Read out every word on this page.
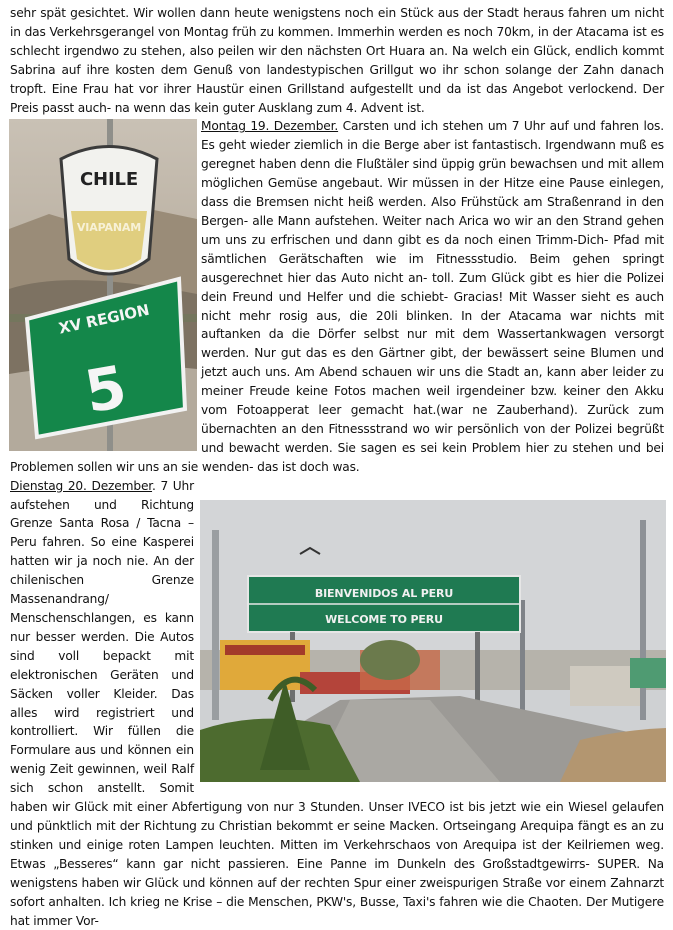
sehr spät gesichtet. Wir wollen dann heute wenigstens noch ein Stück aus der Stadt heraus fahren um nicht in das Verkehrsgerangel von Montag früh zu kommen. Immerhin werden es noch 70km, in der Atacama ist es schlecht irgendwo zu stehen, also peilen wir den nächsten Ort Huara an. Na welch ein Glück, endlich kommt Sabrina auf ihre kosten dem Genuß von landestypischen Grillgut wo ihr schon solange der Zahn danach tropft. Eine Frau hat vor ihrer Haustür einen Grillstand aufgestellt und da ist das Angebot verlockend. Der Preis passt auch- na wenn das kein guter Ausklang zum 4. Advent ist.

CHILE
VIAPANAM
XV REGION
5

Montag 19. Dezember. Carsten und ich stehen um 7 Uhr auf und fahren los. Es geht wieder ziemlich in die Berge aber ist fantastisch. Irgendwann muß es geregnet haben denn die Flußtäler sind üppig grün bewachsen und mit allem möglichen Gemüse angebaut. Wir müssen in der Hitze eine Pause einlegen, dass die Bremsen nicht heiß werden. Also Frühstück am Straßenrand in den Bergen- alle Mann aufstehen. Weiter nach Arica wo wir an den Strand gehen um uns zu erfrischen und dann gibt es da noch einen Trimm-Dich- Pfad mit sämtlichen Gerätschaften wie im Fitnessstudio. Beim gehen springt ausgerechnet hier das Auto nicht an- toll. Zum Glück gibt es hier die Polizei dein Freund und Helfer und die schiebt- Gracias! Mit Wasser sieht es auch nicht mehr rosig aus, die 20li blinken. In der Atacama war nichts mit auftanken da die Dörfer selbst nur mit dem Wassertankwagen versorgt werden. Nur gut das es den Gärtner gibt, der bewässert seine Blumen und jetzt auch uns. Am Abend schauen wir uns die Stadt an, kann aber leider zu meiner Freude keine Fotos machen weil irgendeiner bzw. keiner den Akku vom Fotoapperat leer gemacht hat.(war ne Zauberhand). Zurück zum übernachten an den Fitnessstrand wo wir persönlich von der Polizei begrüßt und bewacht werden. Sie sagen es sei kein Problem hier zu stehen und bei Problemen sollen wir uns an sie wenden- das ist doch was.

BIENVENIDOS AL PERU
WELCOME TO PERU

Dienstag 20. Dezember. 7 Uhr aufstehen und Richtung Grenze Santa Rosa / Tacna – Peru fahren. So eine Kasperei hatten wir ja noch nie. An der chilenischen Grenze Massenandrang/ Menschenschlangen, es kann nur besser werden. Die Autos sind voll bepackt mit elektronischen Geräten und Säcken voller Kleider. Das alles wird registriert und kontrolliert. Wir füllen die Formulare aus und können ein wenig Zeit gewinnen, weil Ralf sich schon anstellt. Somit haben wir Glück mit einer Abfertigung von nur 3 Stunden. Unser IVECO ist bis jetzt wie ein Wiesel gelaufen und pünktlich mit der Richtung zu Christian bekommt er seine Macken. Ortseingang Arequipa fängt es an zu stinken und einige roten Lampen leuchten. Mitten im Verkehrschaos von Arequipa ist der Keilriemen weg. Etwas „Besseres“ kann gar nicht passieren. Eine Panne im Dunkeln des Großstadtgewirrs- SUPER. Na wenigstens haben wir Glück und können auf der rechten Spur einer zweispurigen Straße vor einem Zahnarzt sofort anhalten. Ich krieg ne Krise – die Menschen, PKW's, Busse, Taxi's fahren wie die Chaoten. Der Mutigere hat immer Vor-
